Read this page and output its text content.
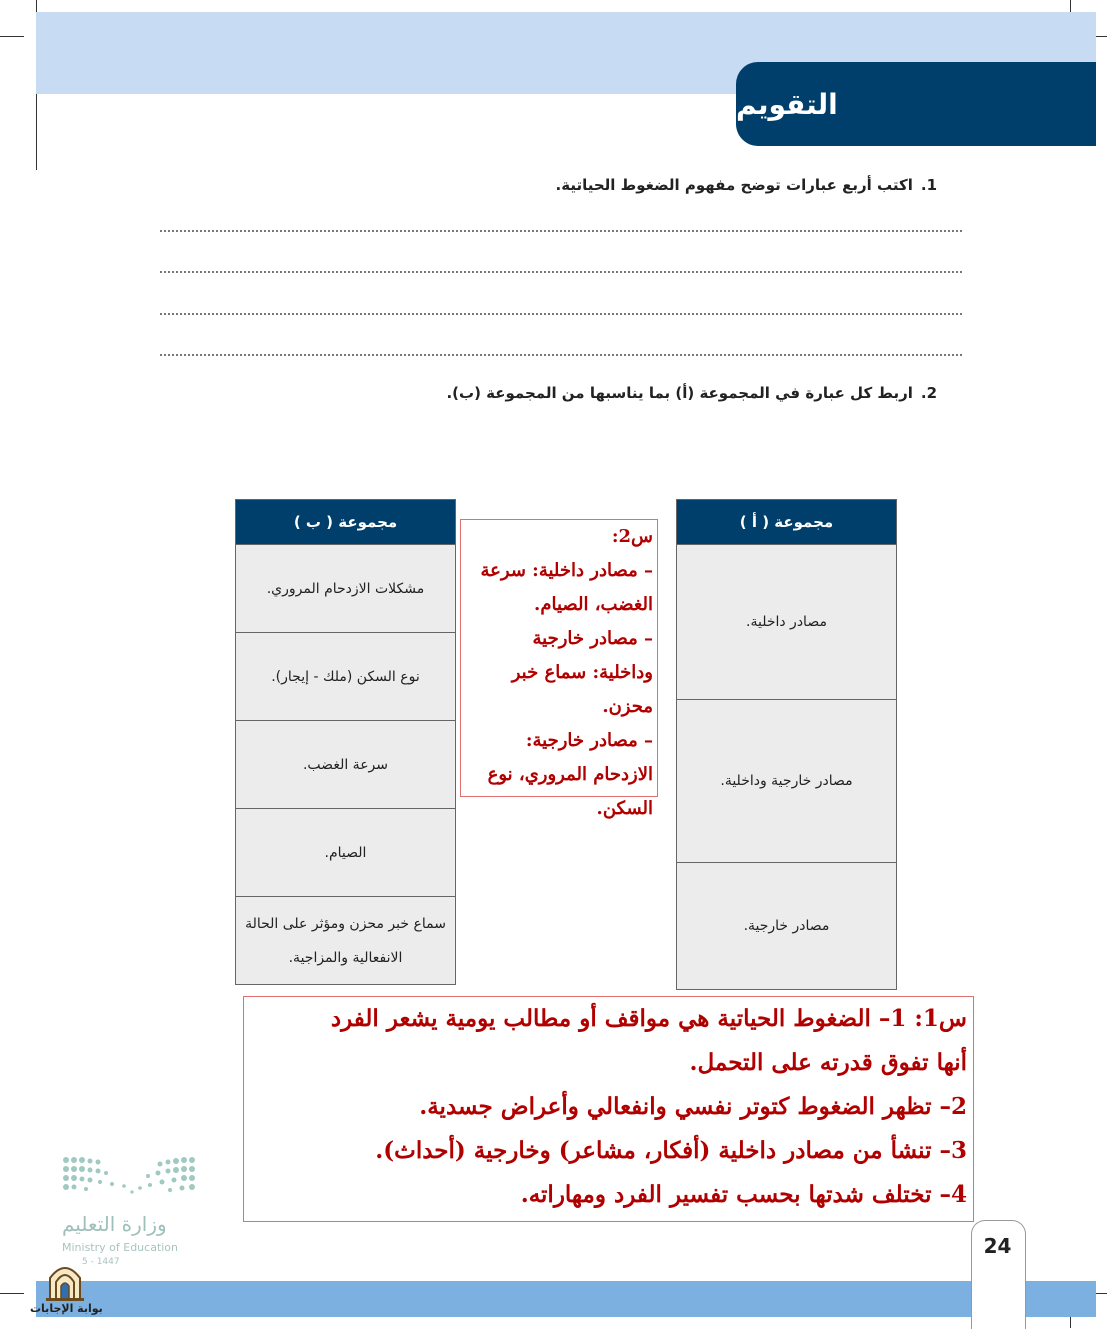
التقويم
1.اكتب أربع عبارات توضح مفهوم الضغوط الحياتية.
2.اربط كل عبارة في المجموعة (أ) بما يناسبها من المجموعة (ب).
مجموعة ( أ )
مصادر داخلية.
مصادر خارجية وداخلية.
مصادر خارجية.
مجموعة ( ب )
مشكلات الازدحام المروري.
نوع السكن (ملك - إيجار).
سرعة الغضب.
الصيام.
سماع خبر محزن ومؤثر على الحالة الانفعالية والمزاجية.
س2:
– مصادر داخلية: سرعة
الغضب، الصيام.
– مصادر خارجية
وداخلية: سماع خبر محزن.
– مصادر خارجية:
الازدحام المروري، نوع
السكن.
س1: 1– الضغوط الحياتية هي مواقف أو مطالب يومية يشعر الفرد
أنها تفوق قدرته على التحمل.
2– تظهر الضغوط كتوتر نفسي وانفعالي وأعراض جسدية.
3– تنشأ من مصادر داخلية (أفكار، مشاعر) وخارجية (أحداث).
4– تختلف شدتها بحسب تفسير الفرد ومهاراته.
وزارة التعليم
Ministry of Education
5 - 1447
بوابة الإجابات
24
